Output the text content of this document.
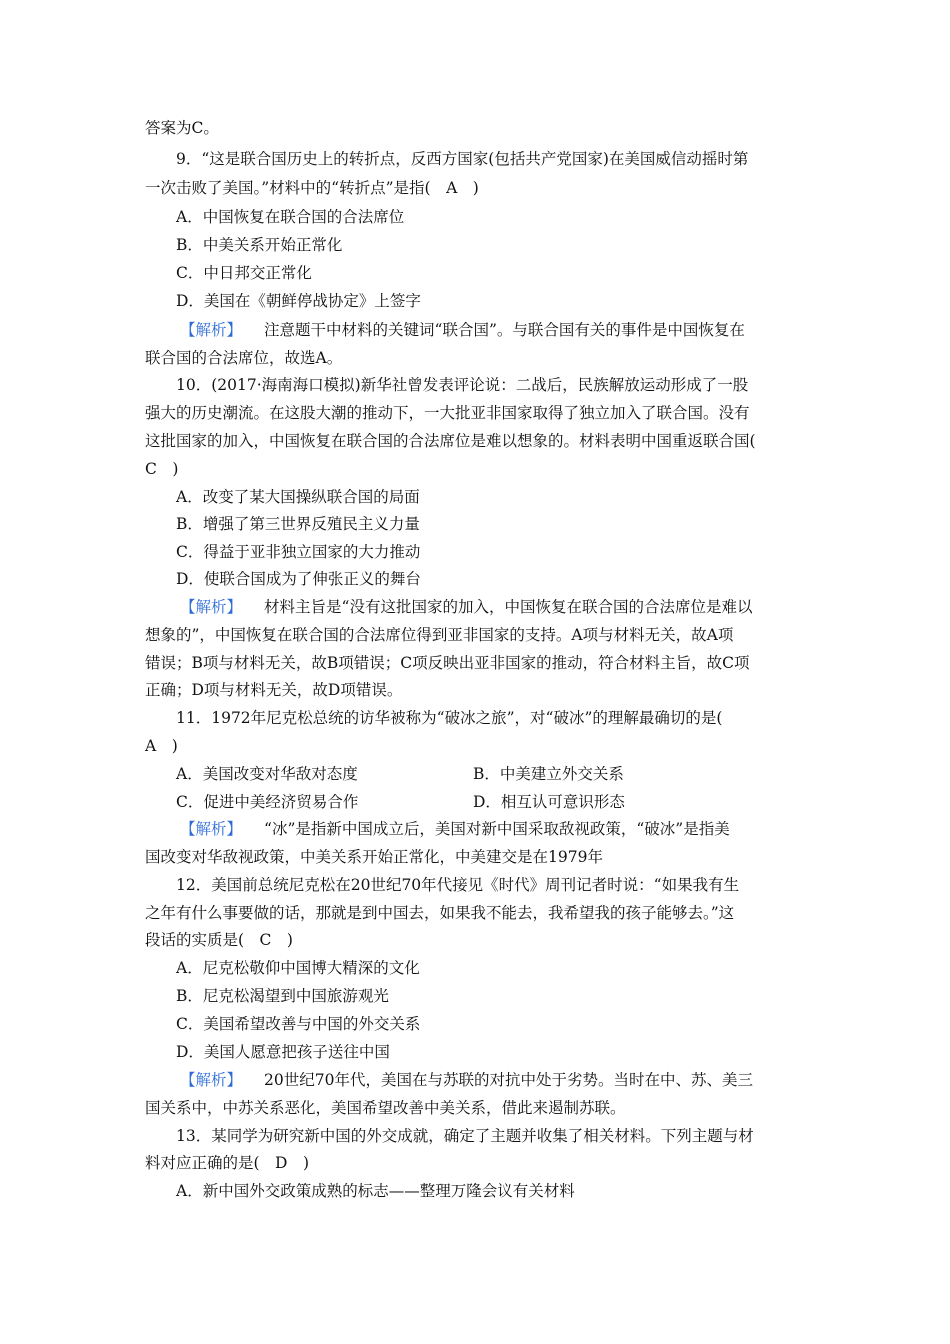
答案为C。
9．“这是联合国历史上的转折点，反西方国家(包括共产党国家)在美国威信动摇时第
一次击败了美国。”材料中的“转折点”是指(　A　)
A．中国恢复在联合国的合法席位
B．中美关系开始正常化
C．中日邦交正常化
D．美国在《朝鲜停战协定》上签字
【解析】 注意题干中材料的关键词“联合国”。与联合国有关的事件是中国恢复在
联合国的合法席位，故选A。
10．(2017·海南海口模拟)新华社曾发表评论说：二战后，民族解放运动形成了一股
强大的历史潮流。在这股大潮的推动下，一大批亚非国家取得了独立加入了联合国。没有
这批国家的加入，中国恢复在联合国的合法席位是难以想象的。材料表明中国重返联合国(
C　)
A．改变了某大国操纵联合国的局面
B．增强了第三世界反殖民主义力量
C．得益于亚非独立国家的大力推动
D．使联合国成为了伸张正义的舞台
【解析】 材料主旨是“没有这批国家的加入，中国恢复在联合国的合法席位是难以
想象的”，中国恢复在联合国的合法席位得到亚非国家的支持。A项与材料无关，故A项
错误；B项与材料无关，故B项错误；C项反映出亚非国家的推动，符合材料主旨，故C项
正确；D项与材料无关，故D项错误。
11．1972年尼克松总统的访华被称为“破冰之旅”，对“破冰”的理解最确切的是(
A　)
A．美国改变对华敌对态度	B．中美建立外交关系
C．促进中美经济贸易合作	D．相互认可意识形态
【解析】 “冰”是指新中国成立后，美国对新中国采取敌视政策，“破冰”是指美
国改变对华敌视政策，中美关系开始正常化，中美建交是在1979年
12．美国前总统尼克松在20世纪70年代接见《时代》周刊记者时说：“如果我有生
之年有什么事要做的话，那就是到中国去，如果我不能去，我希望我的孩子能够去。”这
段话的实质是(　C　)
A．尼克松敬仰中国博大精深的文化
B．尼克松渴望到中国旅游观光
C．美国希望改善与中国的外交关系
D．美国人愿意把孩子送往中国
【解析】 20世纪70年代，美国在与苏联的对抗中处于劣势。当时在中、苏、美三
国关系中，中苏关系恶化，美国希望改善中美关系，借此来遏制苏联。
13．某同学为研究新中国的外交成就，确定了主题并收集了相关材料。下列主题与材
料对应正确的是(　D　)
A．新中国外交政策成熟的标志——整理万隆会议有关材料
